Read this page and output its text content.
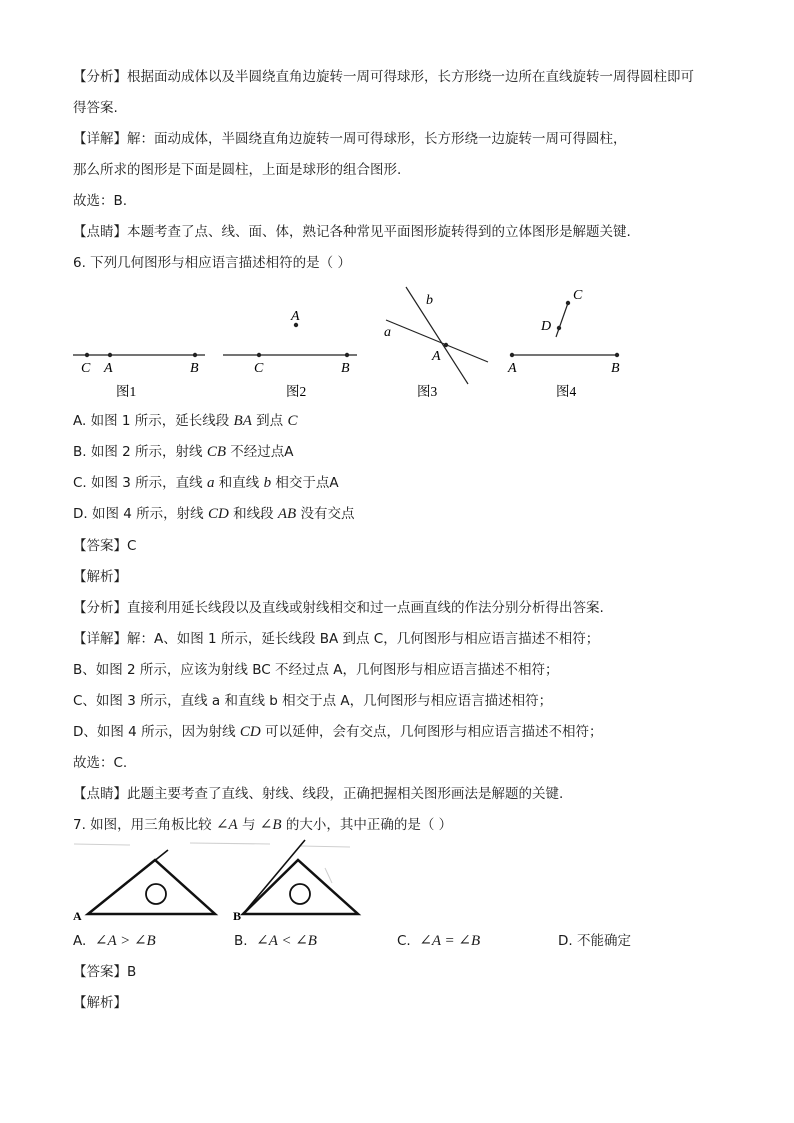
【分析】根据面动成体以及半圆绕直角边旋转一周可得球形，长方形绕一边所在直线旋转一周得圆柱即可
得答案.
【详解】解：面动成体，半圆绕直角边旋转一周可得球形，长方形绕一边旋转一周可得圆柱，
那么所求的图形是下面是圆柱，上面是球形的组合图形.
故选：B.
【点睛】本题考查了点、线、面、体，熟记各种常见平面图形旋转得到的立体图形是解题关键.
6. 下列几何图形与相应语言描述相符的是（ ）
C A	B
图1
A
C	B
图2
b
a
A
图3
C
D
A	B
图4
A. 如图 1 所示，延长线段 BA 到点 C
B. 如图 2 所示，射线 CB 不经过点A
C. 如图 3 所示，直线 a 和直线 b 相交于点A
D. 如图 4 所示，射线 CD 和线段 AB 没有交点
【答案】C
【解析】
【分析】直接利用延长线段以及直线或射线相交和过一点画直线的作法分别分析得出答案.
【详解】解：A、如图 1 所示，延长线段 BA 到点 C，几何图形与相应语言描述不相符；
B、如图 2 所示，应该为射线 BC 不经过点 A，几何图形与相应语言描述不相符；
C、如图 3 所示，直线 a 和直线 b 相交于点 A，几何图形与相应语言描述相符；
D、如图 4 所示，因为射线 CD 可以延伸，会有交点，几何图形与相应语言描述不相符；
故选：C.
【点睛】此题主要考查了直线、射线、线段，正确把握相关图形画法是解题的关键.
7. 如图，用三角板比较 ∠A 与 ∠B 的大小，其中正确的是（ ）
A	B
A. ∠A > ∠B	B. ∠A < ∠B	C. ∠A = ∠B	D. 不能确定
【答案】B
【解析】
